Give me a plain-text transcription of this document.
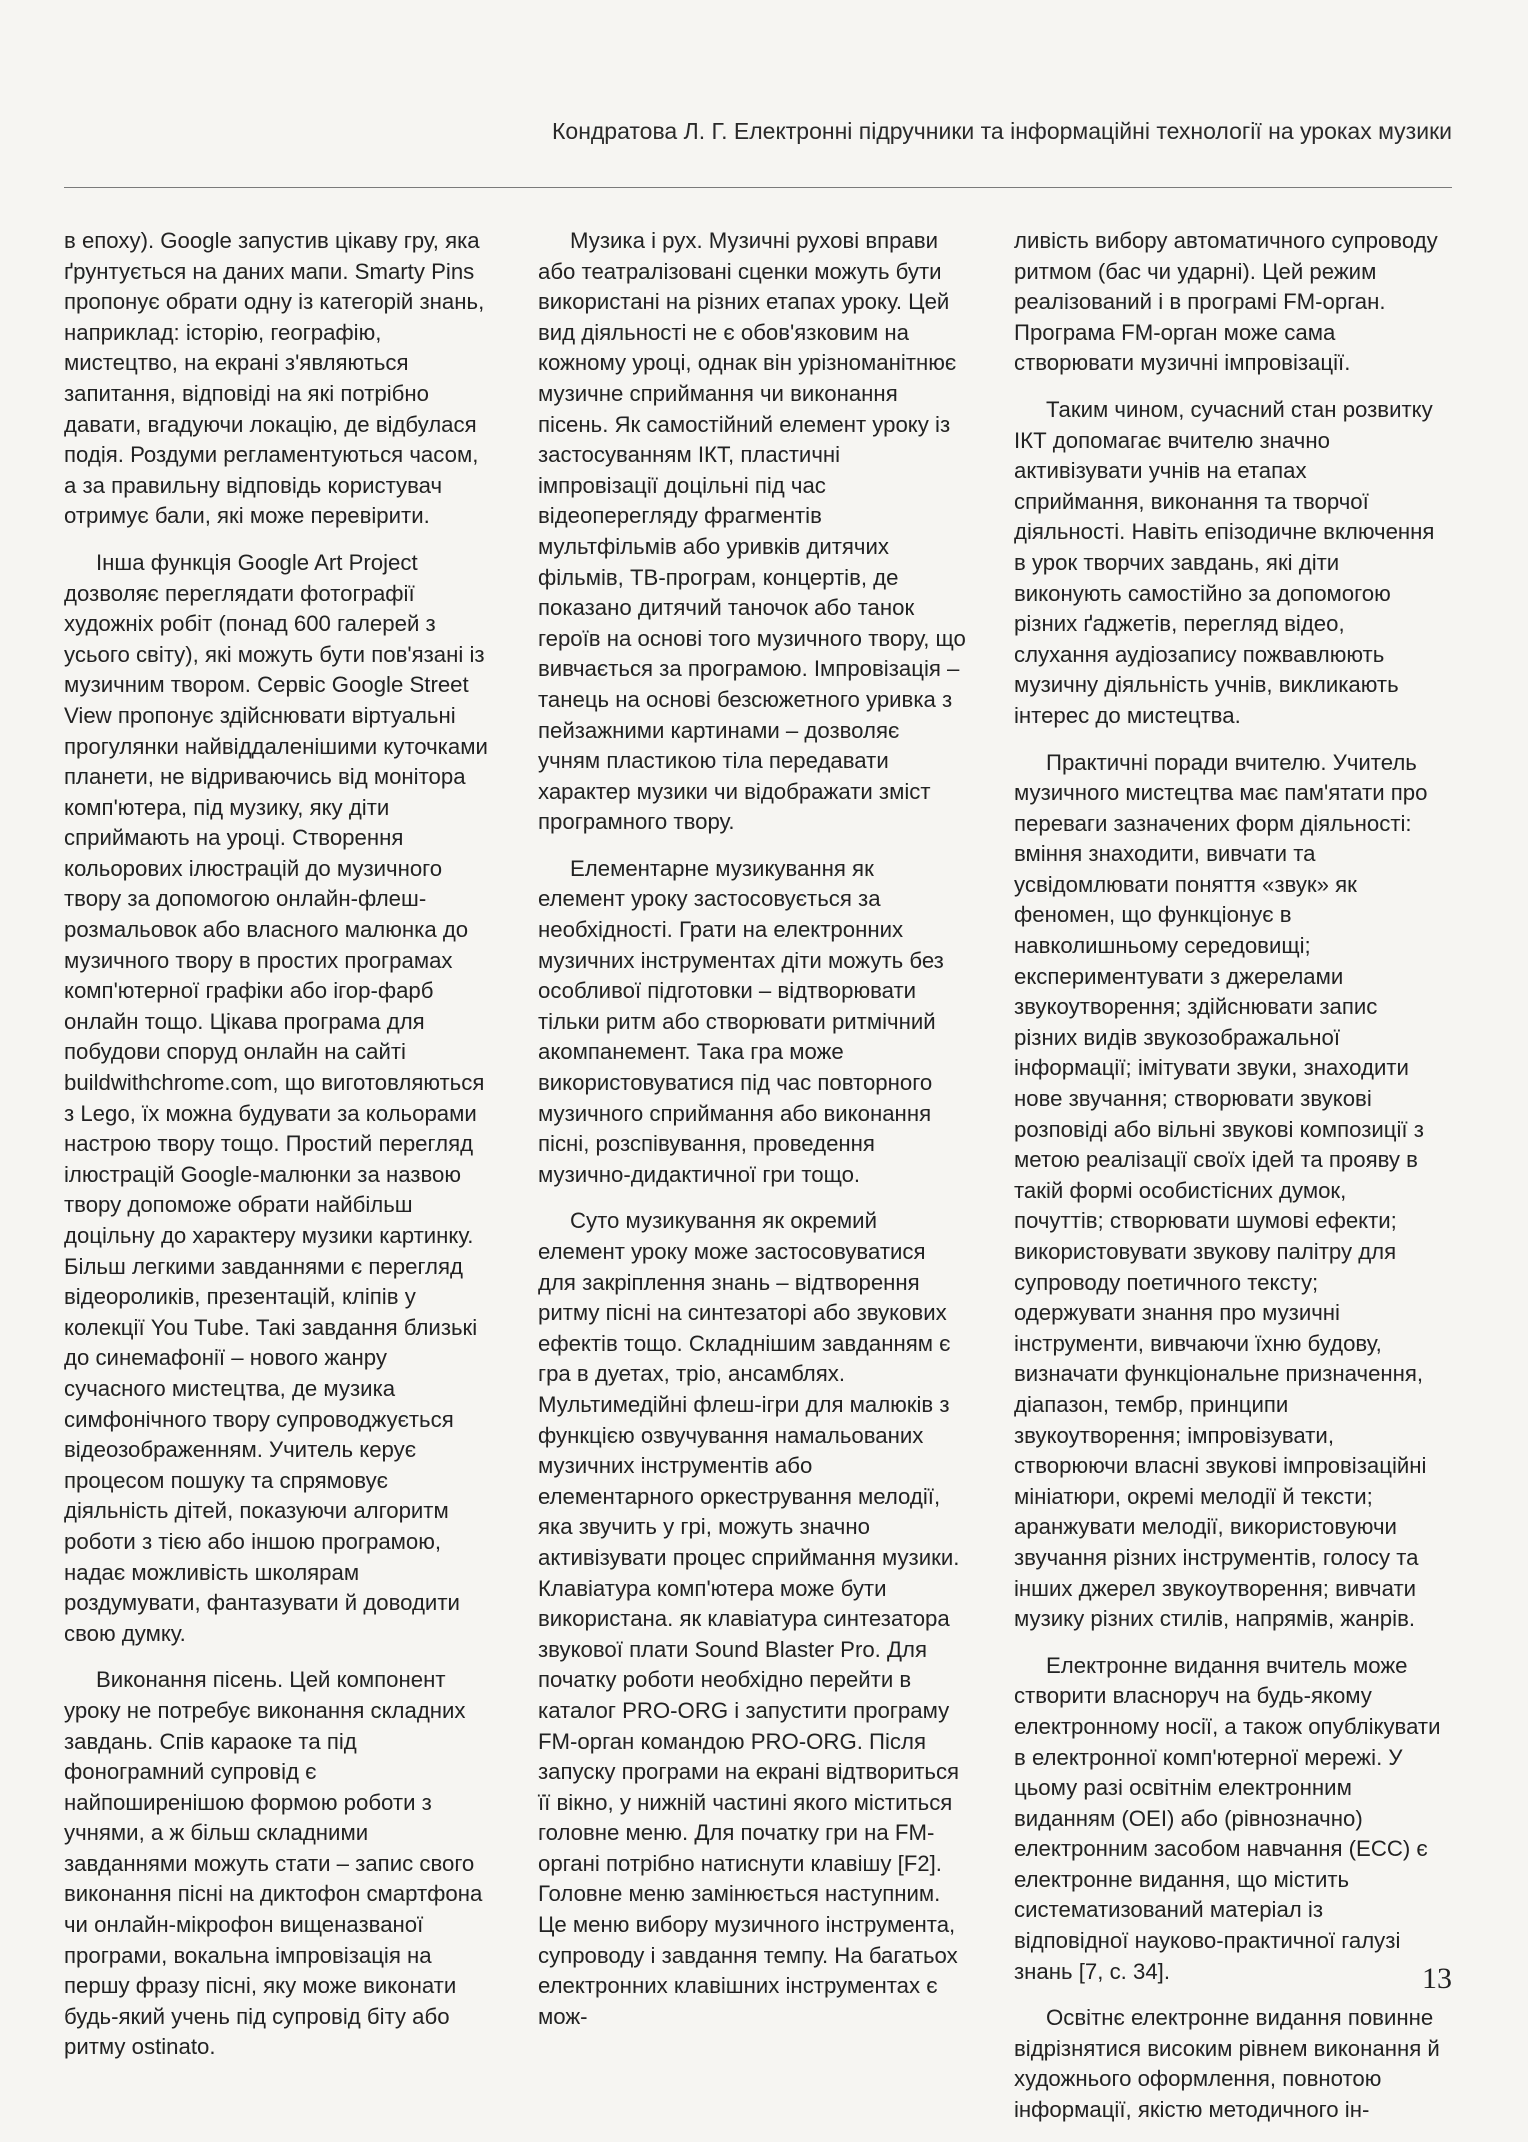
Кондратова Л. Г. Електронні підручники та інформаційні технології на уроках музики

в епоху). Google запустив цікаву гру, яка ґрунтується на даних мапи. Smarty Pins пропонує обрати одну із категорій знань, наприклад: історію, географію, мистецтво, на екрані з'являються запитання, відповіді на які потрібно давати, вгадуючи локацію, де відбулася подія. Роздуми регламентуються часом, а за правильну відповідь користувач отримує бали, які може перевірити.

Інша функція Google Art Project дозволяє переглядати фотографії художніх робіт (понад 600 галерей з усього світу), які можуть бути пов'язані із музичним твором. Сервіс Google Street View пропонує здійснювати віртуальні прогулянки найвіддаленішими куточками планети, не відриваючись від монітора комп'ютера, під музику, яку діти сприймають на уроці. Створення кольорових ілюстрацій до музичного твору за допомогою онлайн-флеш-розмальовок або власного малюнка до музичного твору в простих програмах комп'ютерної графіки або ігор-фарб онлайн тощо. Цікава програма для побудови споруд онлайн на сайті buildwithchrome.com, що виготовляються з Lego, їх можна будувати за кольорами настрою твору тощо. Простий перегляд ілюстрацій Google-малюнки за назвою твору допоможе обрати найбільш доцільну до характеру музики картинку. Більш легкими завданнями є перегляд відеороликів, презентацій, кліпів у колекції You Tube. Такі завдання близькі до синемафонії – нового жанру сучасного мистецтва, де музика симфонічного твору супроводжується відеозображенням. Учитель керує процесом пошуку та спрямовує діяльність дітей, показуючи алгоритм роботи з тією або іншою програмою, надає можливість школярам роздумувати, фантазувати й доводити свою думку.

Виконання пісень. Цей компонент уроку не потребує виконання складних завдань. Спів караоке та під фонограмний супровід є найпоширенішою формою роботи з учнями, а ж більш складними завданнями можуть стати – запис свого виконання пісні на диктофон смартфона чи онлайн-мікрофон вищеназваної програми, вокальна імпровізація на першу фразу пісні, яку може виконати будь-який учень під супровід біту або ритму ostinato.

Музика і рух. Музичні рухові вправи або театралізовані сценки можуть бути використані на різних етапах уроку. Цей вид діяльності не є обов'язковим на кожному уроці, однак він урізноманітнює музичне сприймання чи виконання пісень. Як самостійний елемент уроку із застосуванням ІКТ, пластичні імпровізації доцільні під час відеоперегляду фрагментів мультфільмів або уривків дитячих фільмів, ТВ-програм, концертів, де показано дитячий таночок або танок героїв на основі того музичного твору, що вивчається за програмою. Імпровізація – танець на основі безсюжетного уривка з пейзажними картинами – дозволяє учням пластикою тіла передавати характер музики чи відображати зміст програмного твору.

Елементарне музикування як елемент уроку застосовується за необхідності. Грати на електронних музичних інструментах діти можуть без особливої підготовки – відтворювати тільки ритм або створювати ритмічний акомпанемент. Така гра може використовуватися під час повторного музичного сприймання або виконання пісні, розспівування, проведення музично-дидактичної гри тощо.

Суто музикування як окремий елемент уроку може застосовуватися для закріплення знань – відтворення ритму пісні на синтезаторі або звукових ефектів тощо. Складнішим завданням є гра в дуетах, тріо, ансамблях. Мультимедійні флеш-ігри для малюків з функцією озвучування намальованих музичних інструментів або елементарного оркестрування мелодії, яка звучить у грі, можуть значно активізувати процес сприймання музики. Клавіатура комп'ютера може бути використана. як клавіатура синтезатора звукової плати Sound Blaster Pro. Для початку роботи необхідно перейти в каталог PRO-ORG і запустити програму FM-орган командою PRO-ORG. Після запуску програми на екрані відтвориться її вікно, у нижній частині якого міститься головне меню. Для початку гри на FM-органі потрібно натиснути клавішу [F2]. Головне меню замінюється наступним. Це меню вибору музичного інструмента, супроводу і завдання темпу. На багатьох електронних клавішних інструментах є мож-

ливість вибору автоматичного супроводу ритмом (бас чи ударні). Цей режим реалізований і в програмі FM-орган. Програма FM-орган може сама створювати музичні імпровізації.

Таким чином, сучасний стан розвитку ІКТ допомагає вчителю значно активізувати учнів на етапах сприймання, виконання та творчої діяльності. Навіть епізодичне включення в урок творчих завдань, які діти виконують самостійно за допомогою різних ґаджетів, перегляд відео, слухання аудіозапису пожвавлюють музичну діяльність учнів, викликають інтерес до мистецтва.

Практичні поради вчителю. Учитель музичного мистецтва має пам'ятати про переваги зазначених форм діяльності: вміння знаходити, вивчати та усвідомлювати поняття «звук» як феномен, що функціонує в навколишньому середовищі; експериментувати з джерелами звукоутворення; здійснювати запис різних видів звукозображальної інформації; імітувати звуки, знаходити нове звучання; створювати звукові розповіді або вільні звукові композиції з метою реалізації своїх ідей та прояву в такій формі особистісних думок, почуттів; створювати шумові ефекти; використовувати звукову палітру для супроводу поетичного тексту; одержувати знання про музичні інструменти, вивчаючи їхню будову, визначати функціональне призначення, діапазон, тембр, принципи звукоутворення; імпровізувати, створюючи власні звукові імпровізаційні мініатюри, окремі мелодії й тексти; аранжувати мелодії, використовуючи звучання різних інструментів, голосу та інших джерел звукоутворення; вивчати музику різних стилів, напрямів, жанрів.

Електронне видання вчитель може створити власноруч на будь-якому електронному носії, а також опублікувати в електронної комп'ютерної мережі. У цьому разі освітнім електронним виданням (OEI) або (рівнозначно) електронним засобом навчання (ЕСС) є електронне видання, що містить систематизований матеріал із відповідної науково-практичної галузі знань [7, с. 34].

Освітнє електронне видання повинне відрізнятися високим рівнем виконання й художнього оформлення, повнотою інформації, якістю методичного ін-

13
